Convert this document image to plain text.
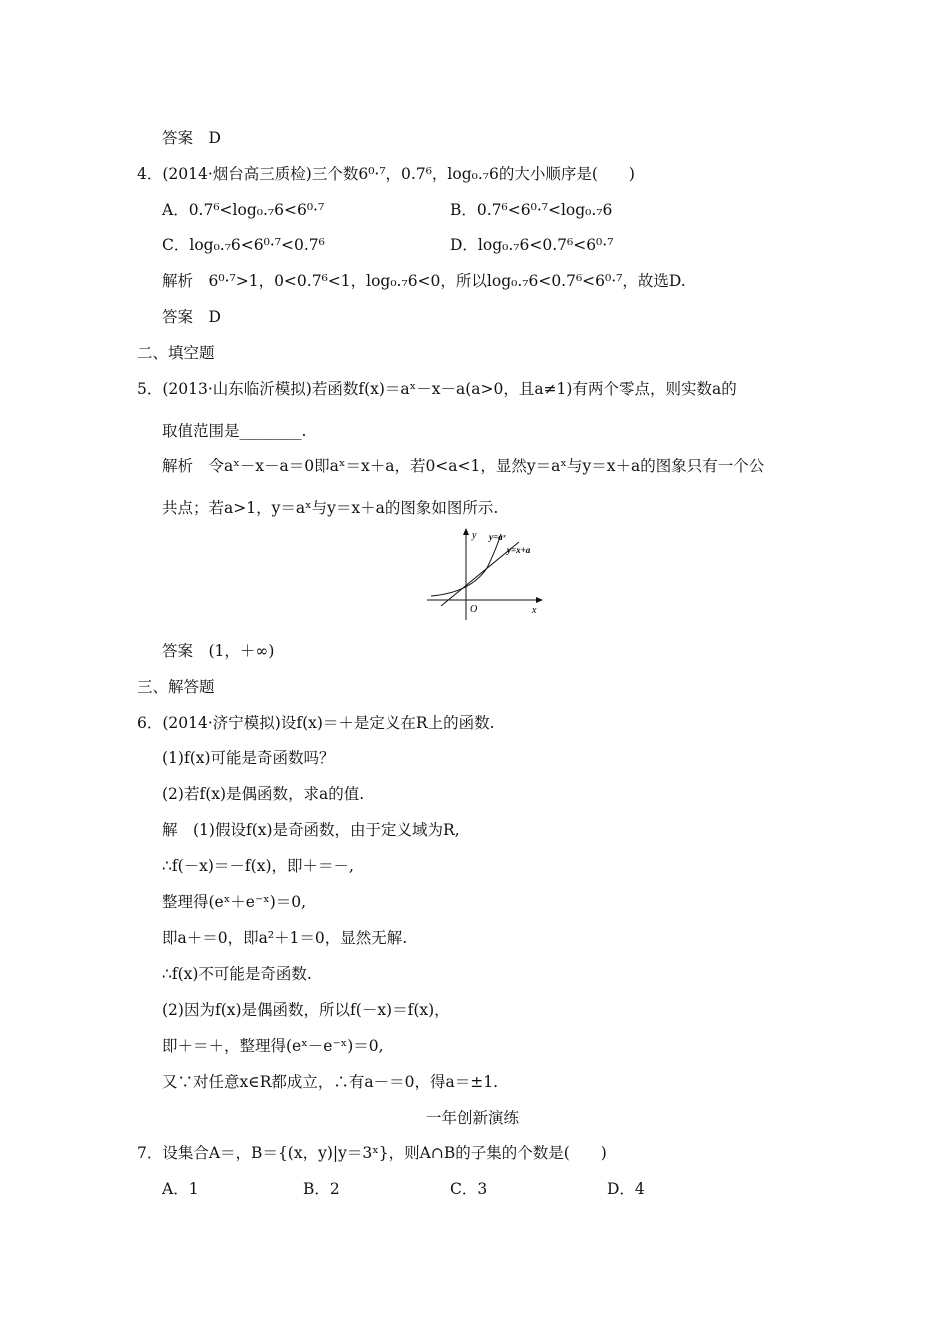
答案　D
4．(2014·烟台高三质检)三个数6⁰·⁷，0.7⁶，log₀.₇6的大小顺序是(　　)
A．0.7⁶<log₀.₇6<6⁰·⁷	B．0.7⁶<6⁰·⁷<log₀.₇6
C．log₀.₇6<6⁰·⁷<0.7⁶	D．log₀.₇6<0.7⁶<6⁰·⁷
解析　6⁰·⁷>1，0<0.7⁶<1，log₀.₇6<0，所以log₀.₇6<0.7⁶<6⁰·⁷，故选D.
答案　D
二、填空题
5．(2013·山东临沂模拟)若函数f(x)＝aˣ－x－a(a>0，且a≠1)有两个零点，则实数a的
取值范围是________.
解析　令aˣ－x－a＝0即aˣ＝x＋a，若0<a<1，显然y＝aˣ与y＝x＋a的图象只有一个公
共点；若a>1，y＝aˣ与y＝x＋a的图象如图所示.
y
x
O
y=aˣ
y=x+a
答案　(1，＋∞)
三、解答题
6．(2014·济宁模拟)设f(x)＝＋是定义在R上的函数.
(1)f(x)可能是奇函数吗？
(2)若f(x)是偶函数，求a的值.
解　(1)假设f(x)是奇函数，由于定义域为R,
∴f(－x)＝－f(x)，即＋＝－,
整理得(eˣ＋e⁻ˣ)＝0,
即a＋＝0，即a²＋1＝0，显然无解.
∴f(x)不可能是奇函数.
(2)因为f(x)是偶函数，所以f(－x)＝f(x)，
即＋＝＋，整理得(eˣ－e⁻ˣ)＝0,
又∵对任意x∈R都成立，∴有a－＝0，得a＝±1.
一年创新演练
7．设集合A＝，B＝{(x，y)|y＝3ˣ}，则A∩B的子集的个数是(　　)
A．1	B．2	C．3	D．4
